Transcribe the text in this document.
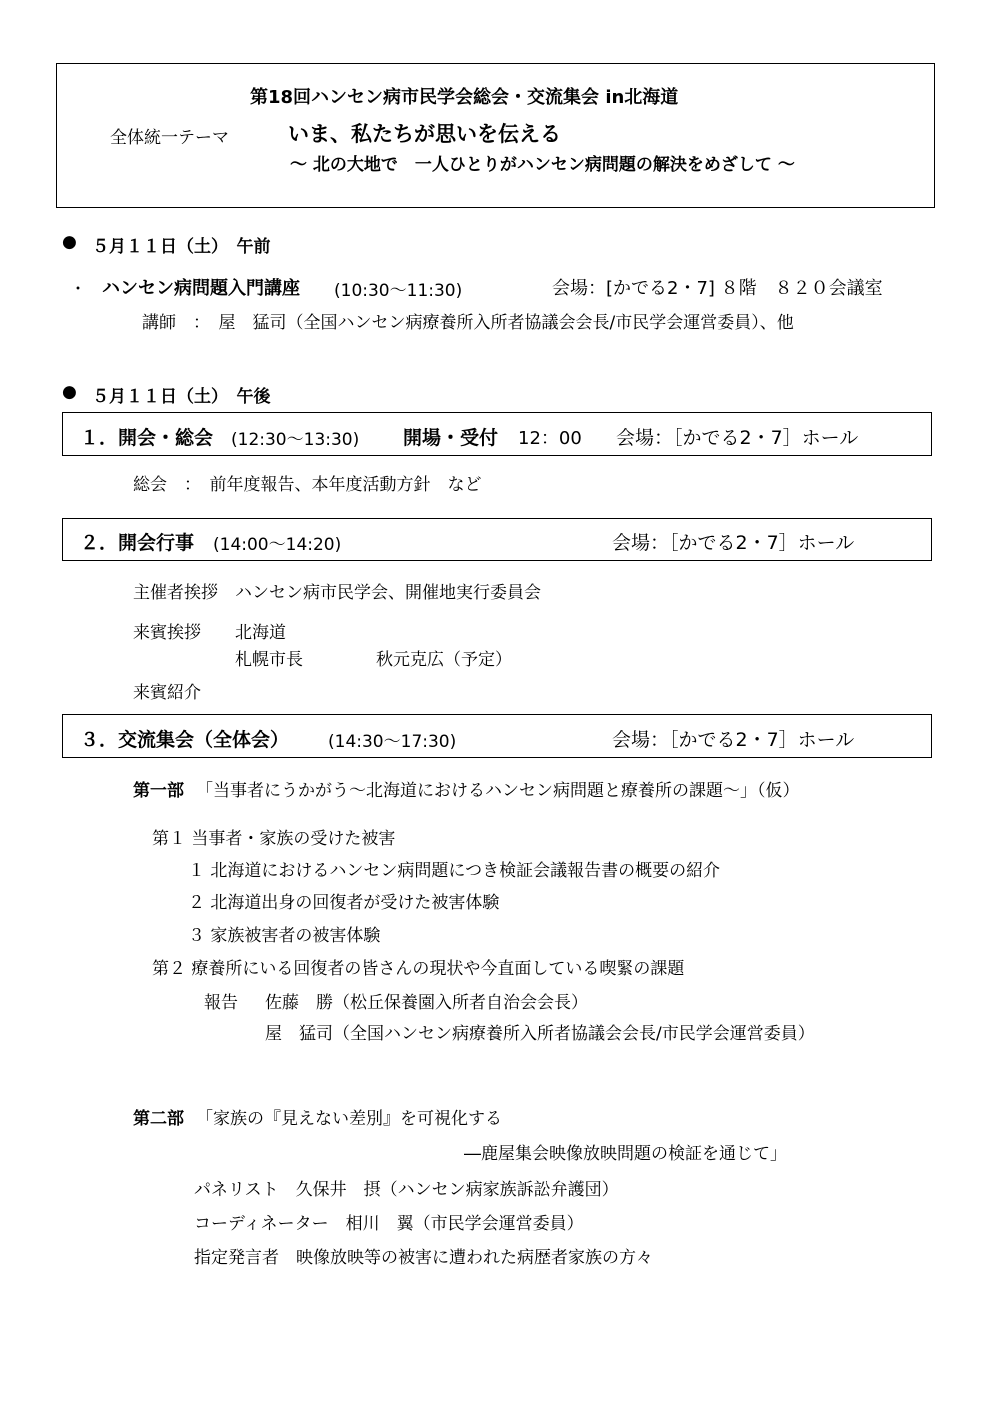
第18回ハンセン病市民学会総会・交流集会 in北海道
全体統一テーマ	いま、私たちが思いを伝える
～ 北の大地で　一人ひとりがハンセン病問題の解決をめざして ～
● ５月１１日（土）　午前
・ ハンセン病問題入門講座 (10:30～11:30)	会場：[かでる2・7] ８階　８２０会議室
講師　：　屋　猛司（全国ハンセン病療養所入所者協議会会長/市民学会運営委員）、他
● ５月１１日（土）　午後
１．開会・総会 (12:30～13:30) 開場・受付 12：00 会場：［かでる2・7］ホール
総会　：　前年度報告、本年度活動方針　など
２．開会行事 (14:00～14:20)	会場：［かでる2・7］ホール
主催者挨拶　ハンセン病市民学会、開催地実行委員会
来賓挨拶 北海道
札幌市長	秋元克広（予定）
来賓紹介
３．交流集会（全体会） (14:30～17:30)	会場：［かでる2・7］ホール
第一部 「当事者にうかがう～北海道におけるハンセン病問題と療養所の課題～」（仮）
第１ 当事者・家族の受けた被害
１ 北海道におけるハンセン病問題につき検証会議報告書の概要の紹介
２ 北海道出身の回復者が受けた被害体験
３ 家族被害者の被害体験
第２ 療養所にいる回復者の皆さんの現状や今直面している喫緊の課題
報告 佐藤　勝（松丘保養園入所者自治会会長）
屋　猛司（全国ハンセン病療養所入所者協議会会長/市民学会運営委員）
第二部 「家族の『見えない差別』を可視化する
―鹿屋集会映像放映問題の検証を通じて」
パネリスト　久保井　摂（ハンセン病家族訴訟弁護団）
コーディネーター　相川　翼（市民学会運営委員）
指定発言者　映像放映等の被害に遭われた病歴者家族の方々
